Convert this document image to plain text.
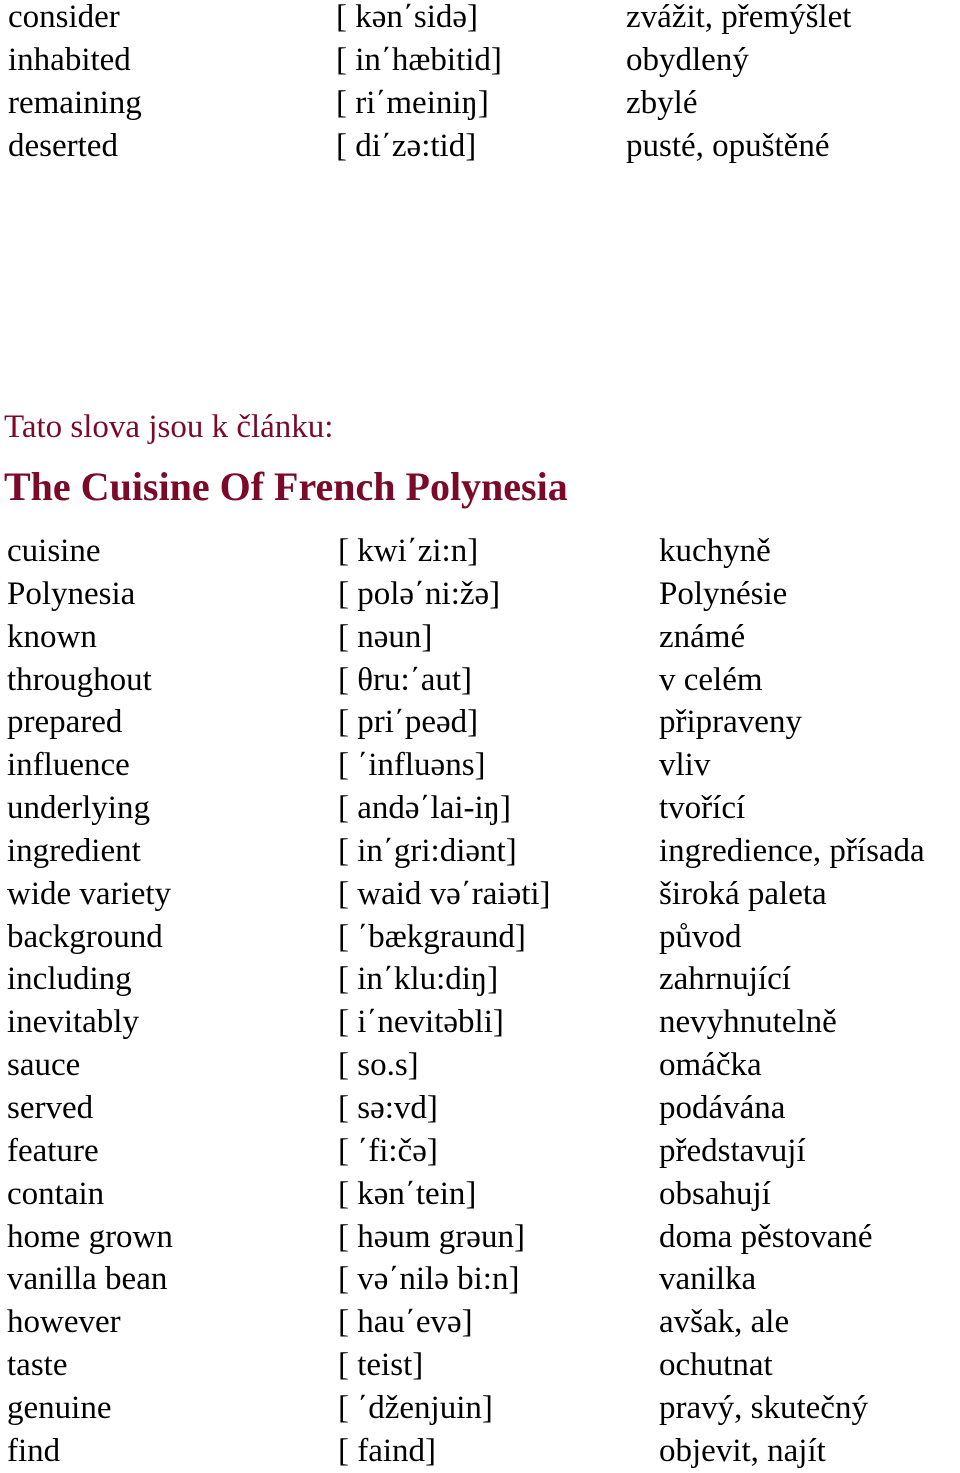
consider	[ kən΄sidə]	zvážit, přemýšlet
inhabited	[ in΄hæbitid]	obydlený
remaining	[ ri΄meiniŋ]	zbylé
deserted	[ di΄zə:tid]	pusté, opuštěné
Tato slova jsou k článku:
The Cuisine Of French Polynesia
cuisine	[ kwi΄zi:n]	kuchyně
Polynesia	[ polə΄ni:žə]	Polynésie
known	[ nəun]	známé
throughout	[ θru:΄aut]	v celém
prepared	[ pri΄peəd]	připraveny
influence	[ ΄influəns]	vliv
underlying	[ andə΄lai-iŋ]	tvořící
ingredient	[ in΄gri:diənt]	ingredience, přísada
wide variety	[ waid və΄raiəti]	široká paleta
background	[ ΄bækgraund]	původ
including	[ in΄klu:diŋ]	zahrnující
inevitably	[ i΄nevitəbli]	nevyhnutelně
sauce	[ so.s]	omáčka
served	[ sə:vd]	podávána
feature	[ ΄fi:čə]	představují
contain	[ kən΄tein]	obsahují
home grown	[ həum grəun]	doma pěstované
vanilla bean	[ və΄nilə bi:n]	vanilka
however	[ hau΄evə]	avšak, ale
taste	[ teist]	ochutnat
genuine	[ ΄dženjuin]	pravý, skutečný
find	[ faind]	objevit, najít
